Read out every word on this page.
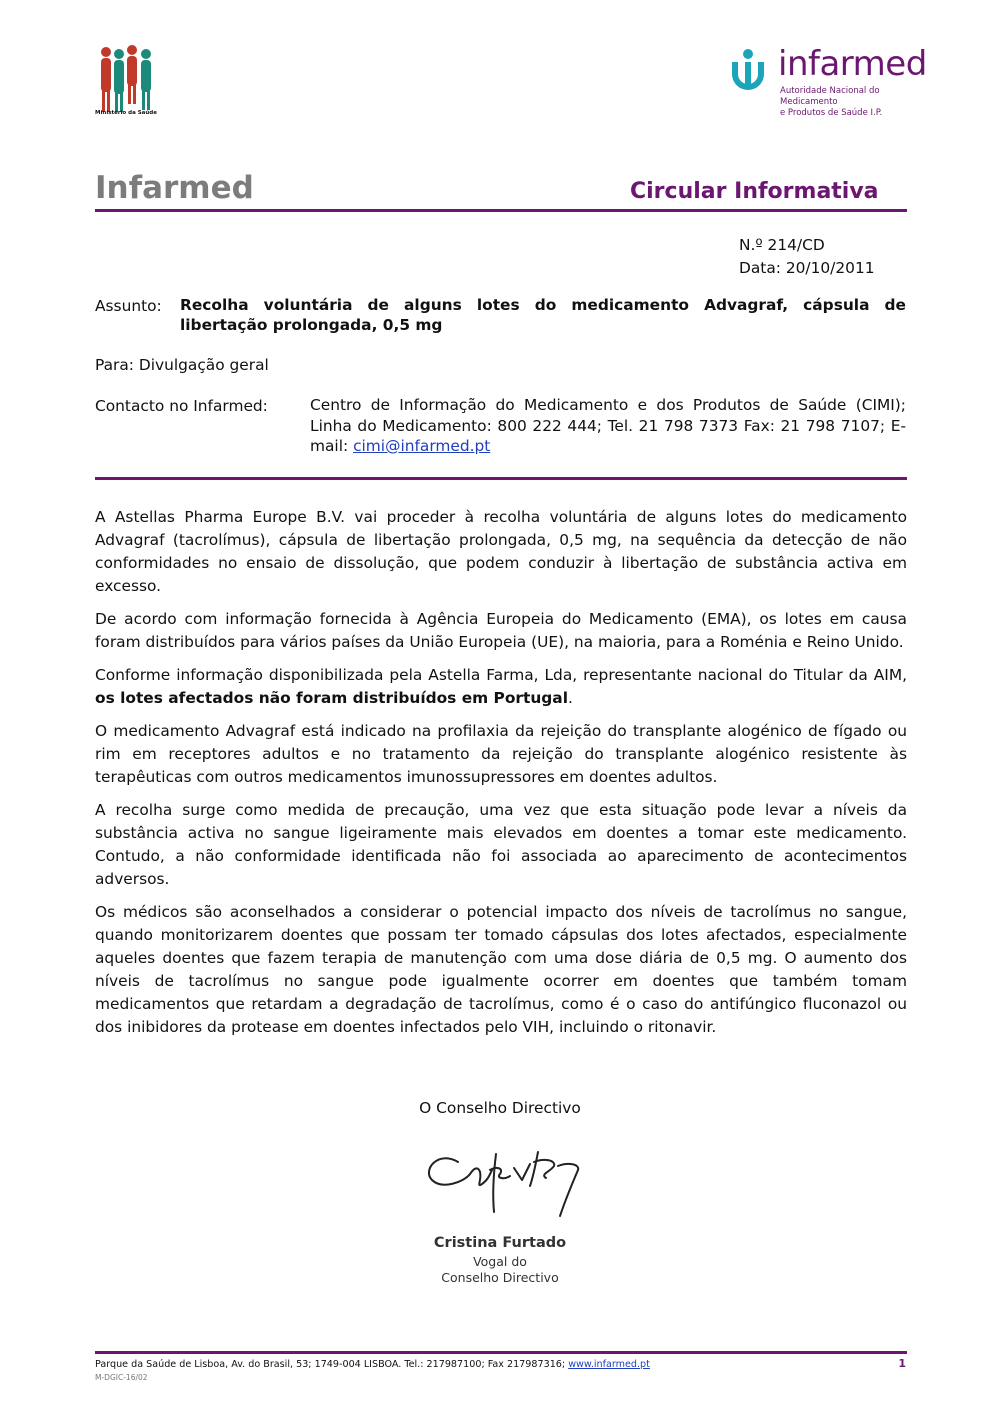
Ministério da Saúde
infarmed
Autoridade Nacional do Medicamento
e Produtos de Saúde I.P.
Infarmed	Circular Informativa
N.º 214/CD
Data: 20/10/2011
Assunto: Recolha voluntária de alguns lotes do medicamento Advagraf, cápsula de libertação prolongada, 0,5 mg
Para: Divulgação geral
Contacto no Infarmed:	Centro de Informação do Medicamento e dos Produtos de Saúde (CIMI); Linha do Medicamento: 800 222 444; Tel. 21 798 7373 Fax: 21 798 7107; E-mail: cimi@infarmed.pt

A Astellas Pharma Europe B.V. vai proceder à recolha voluntária de alguns lotes do medicamento Advagraf (tacrolímus), cápsula de libertação prolongada, 0,5 mg, na sequência da detecção de não conformidades no ensaio de dissolução, que podem conduzir à libertação de substância activa em excesso.

De acordo com informação fornecida à Agência Europeia do Medicamento (EMA), os lotes em causa foram distribuídos para vários países da União Europeia (UE), na maioria, para a Roménia e Reino Unido.

Conforme informação disponibilizada pela Astella Farma, Lda, representante nacional do Titular da AIM, os lotes afectados não foram distribuídos em Portugal.

O medicamento Advagraf está indicado na profilaxia da rejeição do transplante alogénico de fígado ou rim em receptores adultos e no tratamento da rejeição do transplante alogénico resistente às terapêuticas com outros medicamentos imunossupressores em doentes adultos.

A recolha surge como medida de precaução, uma vez que esta situação pode levar a níveis da substância activa no sangue ligeiramente mais elevados em doentes a tomar este medicamento. Contudo, a não conformidade identificada não foi associada ao aparecimento de acontecimentos adversos.

Os médicos são aconselhados a considerar o potencial impacto dos níveis de tacrolímus no sangue, quando monitorizarem doentes que possam ter tomado cápsulas dos lotes afectados, especialmente aqueles doentes que fazem terapia de manutenção com uma dose diária de 0,5 mg. O aumento dos níveis de tacrolímus no sangue pode igualmente ocorrer em doentes que também tomam medicamentos que retardam a degradação de tacrolímus, como é o caso do antifúngico fluconazol ou dos inibidores da protease em doentes infectados pelo VIH, incluindo o ritonavir.

O Conselho Directivo
Cristina Furtado
Vogal do
Conselho Directivo
Parque da Saúde de Lisboa, Av. do Brasil, 53; 1749-004 LISBOA. Tel.: 217987100; Fax 217987316; www.infarmed.pt
M-DGIC-16/02
1
